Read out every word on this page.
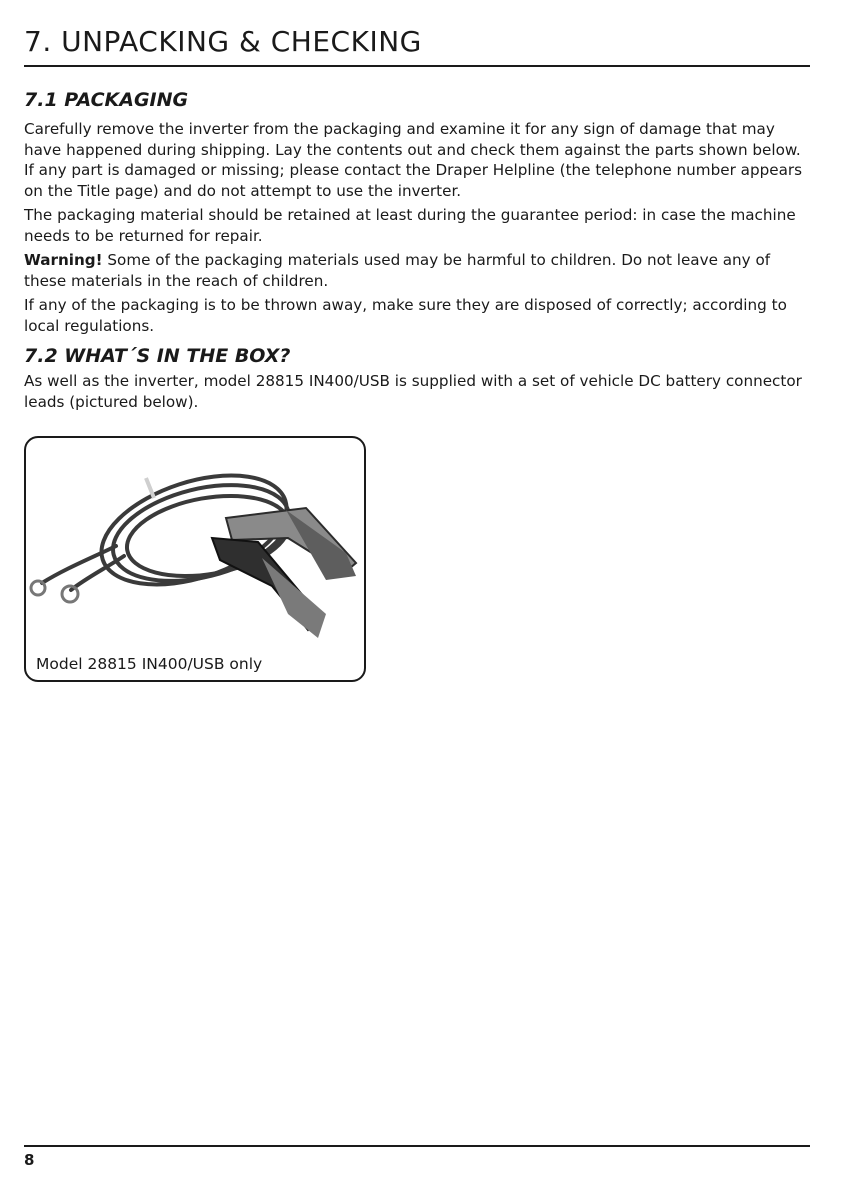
7. UNPACKING & CHECKING
7.1 PACKAGING

Carefully remove the inverter from the packaging and examine it for any sign of damage that may have happened during shipping. Lay the contents out and check them against the parts shown below. If any part is damaged or missing; please contact the Draper Helpline (the telephone number appears on the Title page) and do not attempt to use the inverter.

The packaging material should be retained at least during the guarantee period: in case the machine needs to be returned for repair.

Warning! Some of the packaging materials used may be harmful to children. Do not leave any of these materials in the reach of children.

If any of the packaging is to be thrown away, make sure they are disposed of correctly; according to local regulations.

7.2 WHAT´S IN THE BOX?

As well as the inverter, model 28815 IN400/USB is supplied with a set of vehicle DC battery connector leads (pictured below).

Model 28815 IN400/USB only
8
